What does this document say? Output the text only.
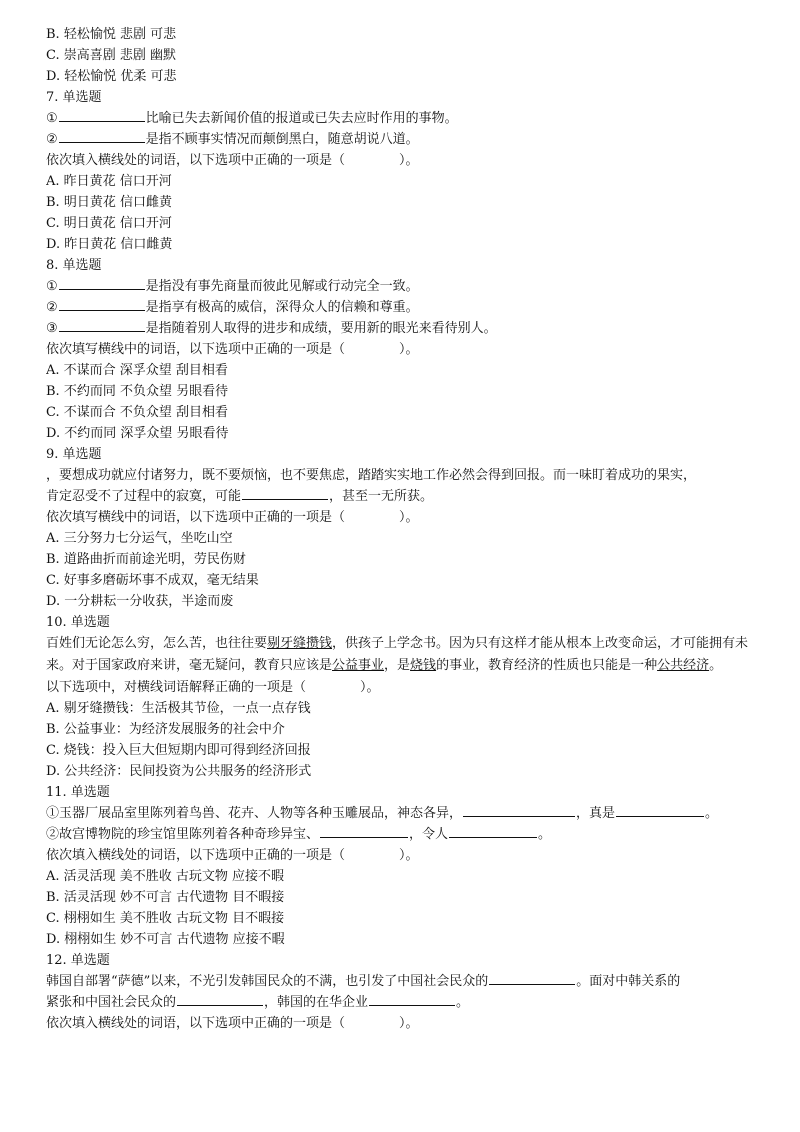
B. 轻松愉悦 悲剧 可悲
C. 崇高喜剧 悲剧 幽默
D. 轻松愉悦 优柔 可悲
7. 单选题
①	比喻已失去新闻价值的报道或已失去应时作用的事物。
②	是指不顾事实情况而颠倒黑白，随意胡说八道。
依次填入横线处的词语，以下选项中正确的一项是（	）。
A. 昨日黄花 信口开河
B. 明日黄花 信口雌黄
C. 明日黄花 信口开河
D. 昨日黄花 信口雌黄
8. 单选题
①	是指没有事先商量而彼此见解或行动完全一致。
②	是指享有极高的威信，深得众人的信赖和尊重。
③	是指随着别人取得的进步和成绩，要用新的眼光来看待别人。
依次填写横线中的词语，以下选项中正确的一项是（	）。
A. 不谋而合 深孚众望 刮目相看
B. 不约而同 不负众望 另眼看待
C. 不谋而合 不负众望 刮目相看
D. 不约而同 深孚众望 另眼看待
9. 单选题
，要想成功就应付诸努力，既不要烦恼，也不要焦虑，踏踏实实地工作必然会得到回报。而一味盯着成功的果实，
肯定忍受不了过程中的寂寞，可能	，甚至一无所获。
依次填写横线中的词语，以下选项中正确的一项是（	）。
A. 三分努力七分运气，坐吃山空
B. 道路曲折而前途光明，劳民伤财
C. 好事多磨砺坏事不成双，毫无结果
D. 一分耕耘一分收获，半途而废
10. 单选题
百姓们无论怎么穷，怎么苦，也往往要剔牙缝攒钱，供孩子上学念书。因为只有这样才能从根本上改变命运，才可能拥有未来。对于国家政府来讲，毫无疑问，教育只应该是公益事业，是烧钱的事业，教育经济的性质也只能是一种公共经济。
以下选项中，对横线词语解释正确的一项是（	）。
A. 剔牙缝攒钱：生活极其节俭，一点一点存钱
B. 公益事业：为经济发展服务的社会中介
C. 烧钱：投入巨大但短期内即可得到经济回报
D. 公共经济：民间投资为公共服务的经济形式
11. 单选题
①玉器厂展品室里陈列着鸟兽、花卉、人物等各种玉雕展品，神态各异，	，真是	。
②故宫博物院的珍宝馆里陈列着各种奇珍异宝、	，令人	。
依次填入横线处的词语，以下选项中正确的一项是（	）。
A. 活灵活现 美不胜收 古玩文物 应接不暇
B. 活灵活现 妙不可言 古代遗物 目不暇接
C. 栩栩如生 美不胜收 古玩文物 目不暇接
D. 栩栩如生 妙不可言 古代遗物 应接不暇
12. 单选题
韩国自部署“萨德”以来，不光引发韩国民众的不满，也引发了中国社会民众的	。面对中韩关系的
紧张和中国社会民众的	，韩国的在华企业	。
依次填入横线处的词语，以下选项中正确的一项是（	）。
